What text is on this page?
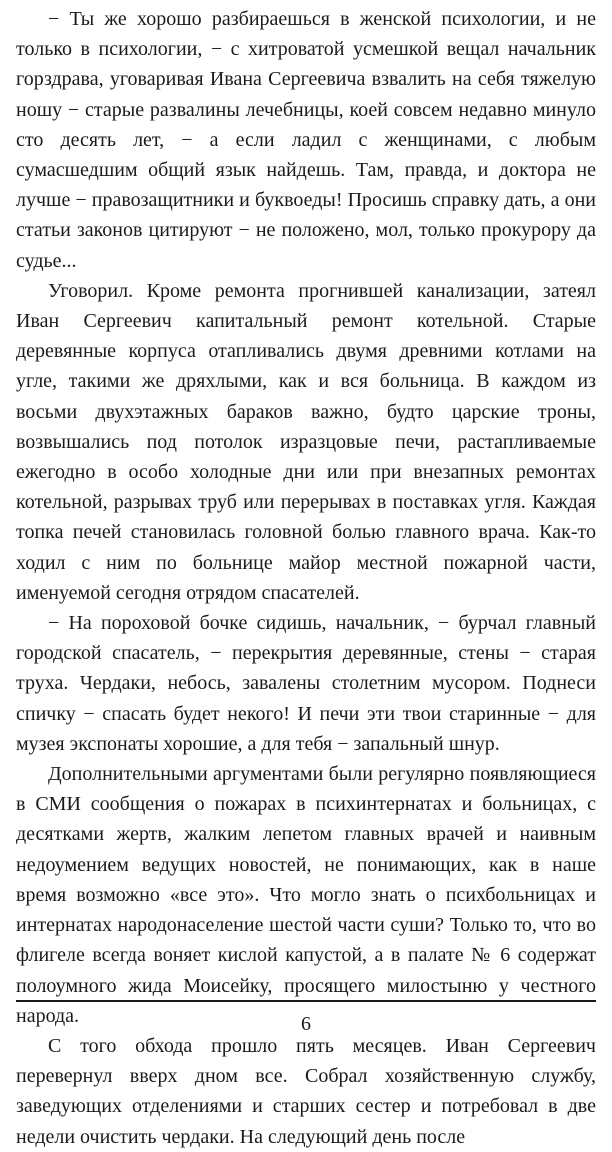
− Ты же хорошо разбираешься в женской психологии, и не только в психологии, − с хитроватой усмешкой вещал начальник горздрава, уговаривая Ивана Сергеевича взвалить на себя тяжелую ношу − старые развалины лечебницы, коей совсем недавно минуло сто десять лет, − а если ладил с женщинами, с любым сумасшедшим общий язык найдешь. Там, правда, и доктора не лучше − правозащитники и буквоеды! Просишь справку дать, а они статьи законов цитируют − не положено, мол, только прокурору да судье...

Уговорил. Кроме ремонта прогнившей канализации, затеял Иван Сергеевич капитальный ремонт котельной. Старые деревянные корпуса отапливались двумя древними котлами на угле, такими же дряхлыми, как и вся больница. В каждом из восьми двухэтажных бараков важно, будто царские троны, возвышались под потолок изразцовые печи, растапливаемые ежегодно в особо холодные дни или при внезапных ремонтах котельной, разрывах труб или перерывах в поставках угля. Каждая топка печей становилась головной болью главного врача. Как-то ходил с ним по больнице майор местной пожарной части, именуемой сегодня отрядом спасателей.

− На пороховой бочке сидишь, начальник, − бурчал главный городской спасатель, − перекрытия деревянные, стены − старая труха. Чердаки, небось, завалены столетним мусором. Поднеси спичку − спасать будет некого! И печи эти твои старинные − для музея экспонаты хорошие, а для тебя − запальный шнур.

Дополнительными аргументами были регулярно появляющиеся в СМИ сообщения о пожарах в психинтернатах и больницах, с десятками жертв, жалким лепетом главных врачей и наивным недоумением ведущих новостей, не понимающих, как в наше время возможно «все это». Что могло знать о психбольницах и интернатах народонаселение шестой части суши? Только то, что во флигеле всегда воняет кислой капустой, а в палате № 6 содержат полоумного жида Моисейку, просящего милостыню у честного народа.

С того обхода прошло пять месяцев. Иван Сергеевич перевернул вверх дном все. Собрал хозяйственную службу, заведующих отделениями и старших сестер и потребовал в две недели очистить чердаки. На следующий день после

6
